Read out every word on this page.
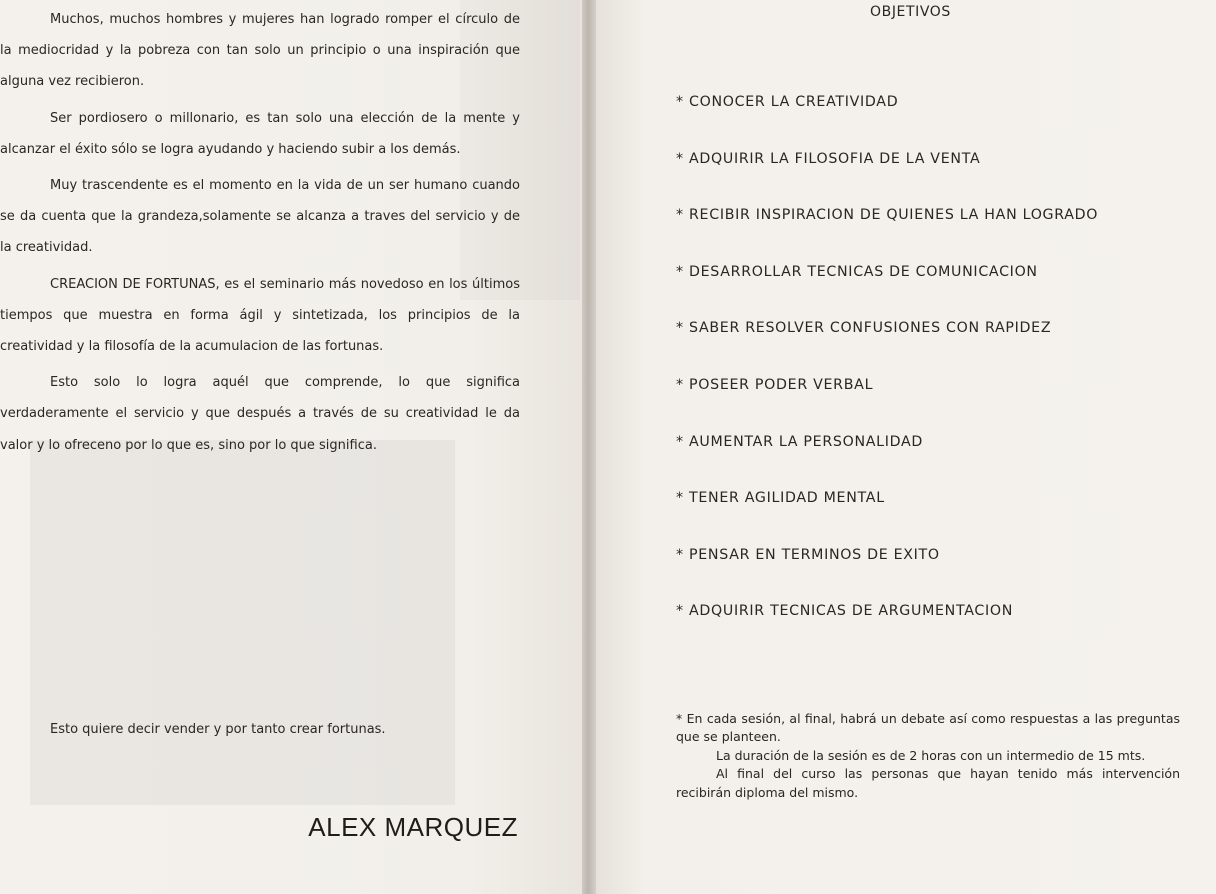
Muchos, muchos hombres y mujeres han logrado romper el círculo de la mediocridad y la pobreza con tan solo un principio o una inspiración que alguna vez recibieron.

Ser pordiosero o millonario, es tan solo una elección de la mente y alcanzar el éxito sólo se logra ayudando y haciendo subir a los demás.

Muy trascendente es el momento en la vida de un ser humano cuando se da cuenta que la grandeza,solamente se alcanza a traves del servicio y de la creatividad.

CREACION DE FORTUNAS, es el seminario más novedoso en los últimos tiempos que muestra en forma ágil y sintetizada, los principios de la creatividad y la filosofía de la acumulacion de las fortunas.

Esto solo lo logra aquél que comprende, lo que significa verdaderamente el servicio y que después a través de su creatividad le da valor y lo ofreceno por lo que es, sino por lo que significa.

Esto quiere decir vender y por tanto crear fortunas.

ALEX MARQUEZ
OBJETIVOS
* CONOCER LA CREATIVIDAD
* ADQUIRIR LA FILOSOFIA DE LA VENTA
* RECIBIR INSPIRACION DE QUIENES LA HAN LOGRADO
* DESARROLLAR TECNICAS DE COMUNICACION
* SABER RESOLVER CONFUSIONES CON RAPIDEZ
* POSEER PODER VERBAL
* AUMENTAR LA PERSONALIDAD
* TENER AGILIDAD MENTAL
* PENSAR EN TERMINOS DE EXITO
* ADQUIRIR TECNICAS DE ARGUMENTACION

* En cada sesión, al final, habrá un debate así como respuestas a las preguntas que se planteen.

La duración de la sesión es de 2 horas con un intermedio de 15 mts.

Al final del curso las personas que hayan tenido más intervención recibirán diploma del mismo.
